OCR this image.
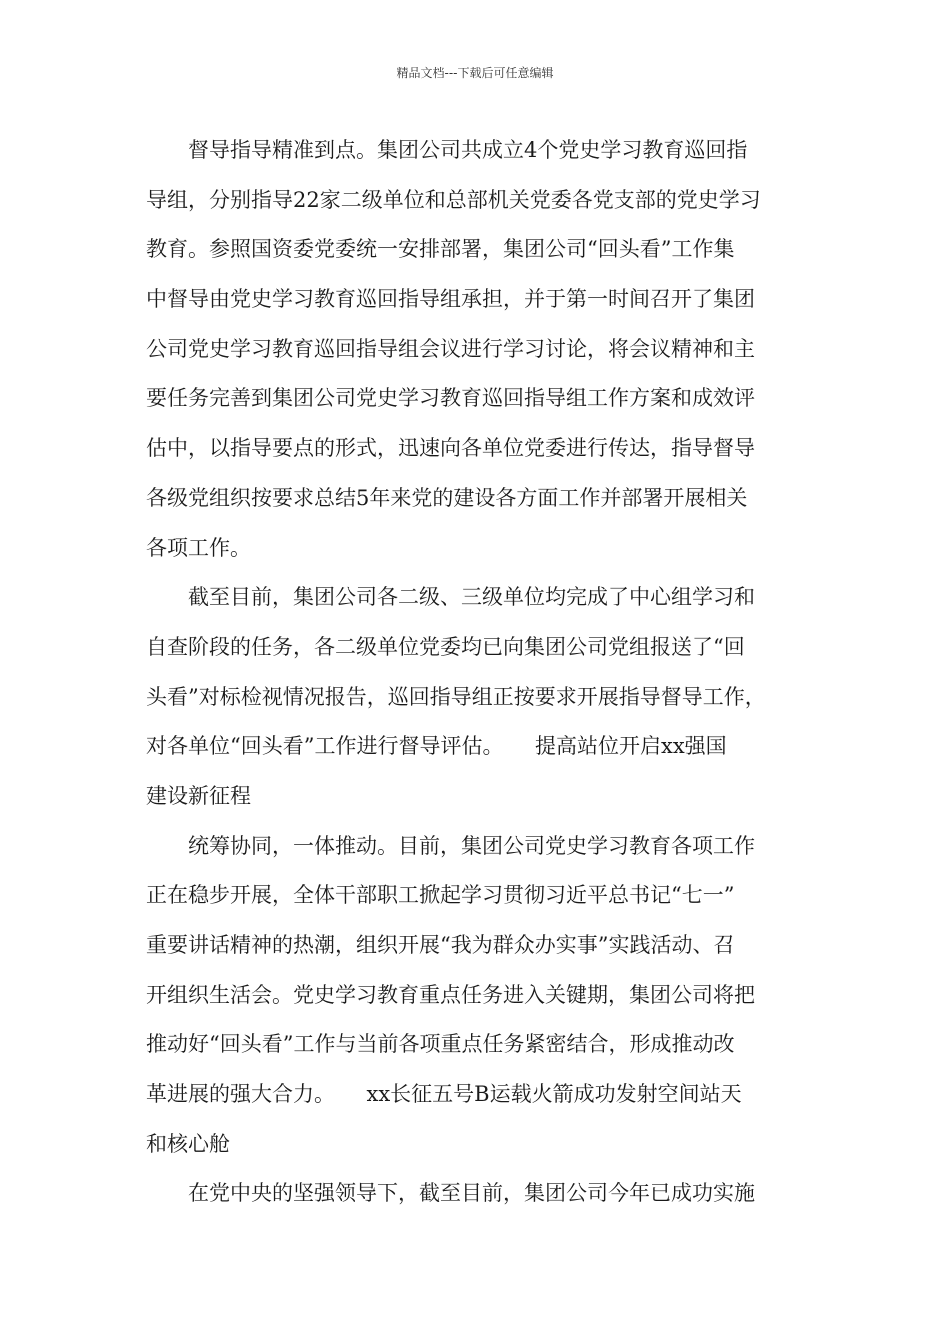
精品文档---下载后可任意编辑
督导指导精准到点。集团公司共成立4个党史学习教育巡回指
导组，分别指导22家二级单位和总部机关党委各党支部的党史学习
教育。参照国资委党委统一安排部署，集团公司“回头看”工作集
中督导由党史学习教育巡回指导组承担，并于第一时间召开了集团
公司党史学习教育巡回指导组会议进行学习讨论，将会议精神和主
要任务完善到集团公司党史学习教育巡回指导组工作方案和成效评
估中，以指导要点的形式，迅速向各单位党委进行传达，指导督导
各级党组织按要求总结5年来党的建设各方面工作并部署开展相关
各项工作。
截至目前，集团公司各二级、三级单位均完成了中心组学习和
自查阶段的任务，各二级单位党委均已向集团公司党组报送了“回
头看”对标检视情况报告，巡回指导组正按要求开展指导督导工作，
对各单位“回头看”工作进行督导评估。　　提高站位开启xx强国
建设新征程
统筹协同，一体推动。目前，集团公司党史学习教育各项工作
正在稳步开展，全体干部职工掀起学习贯彻习近平总书记“七一”
重要讲话精神的热潮，组织开展“我为群众办实事”实践活动、召
开组织生活会。党史学习教育重点任务进入关键期，集团公司将把
推动好“回头看”工作与当前各项重点任务紧密结合，形成推动改
革进展的强大合力。　　xx长征五号B运载火箭成功发射空间站天
和核心舱
在党中央的坚强领导下，截至目前，集团公司今年已成功实施
